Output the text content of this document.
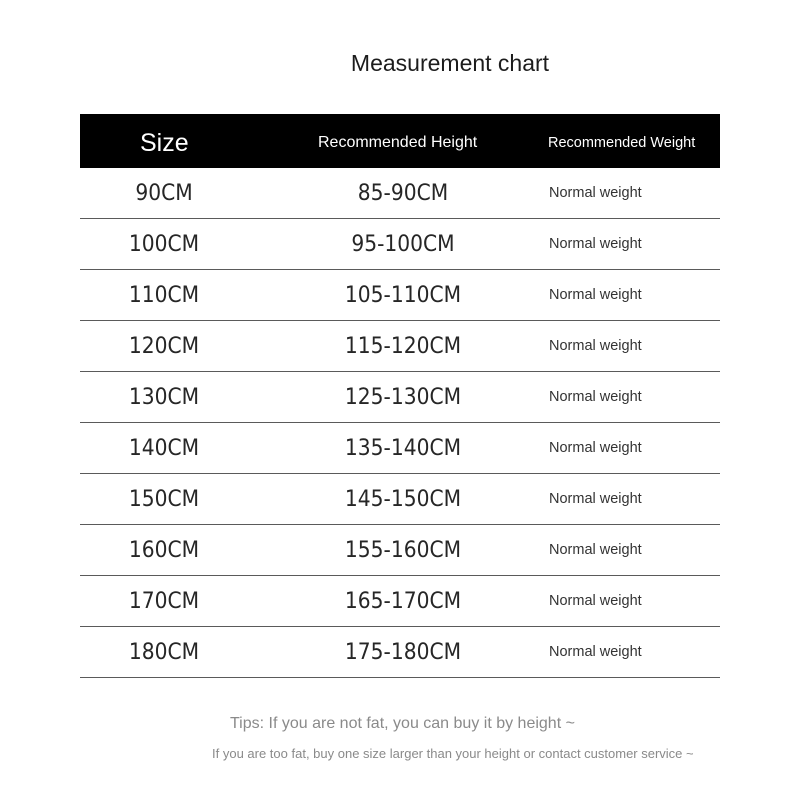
Measurement chart
Size	Recommended Height	Recommended Weight
90CM	85-90CM	Normal weight
100CM	95-100CM	Normal weight
110CM	105-110CM	Normal weight
120CM	115-120CM	Normal weight
130CM	125-130CM	Normal weight
140CM	135-140CM	Normal weight
150CM	145-150CM	Normal weight
160CM	155-160CM	Normal weight
170CM	165-170CM	Normal weight
180CM	175-180CM	Normal weight
Tips: If you are not fat, you can buy it by height ~
If you are too fat, buy one size larger than your height or contact customer service ~
